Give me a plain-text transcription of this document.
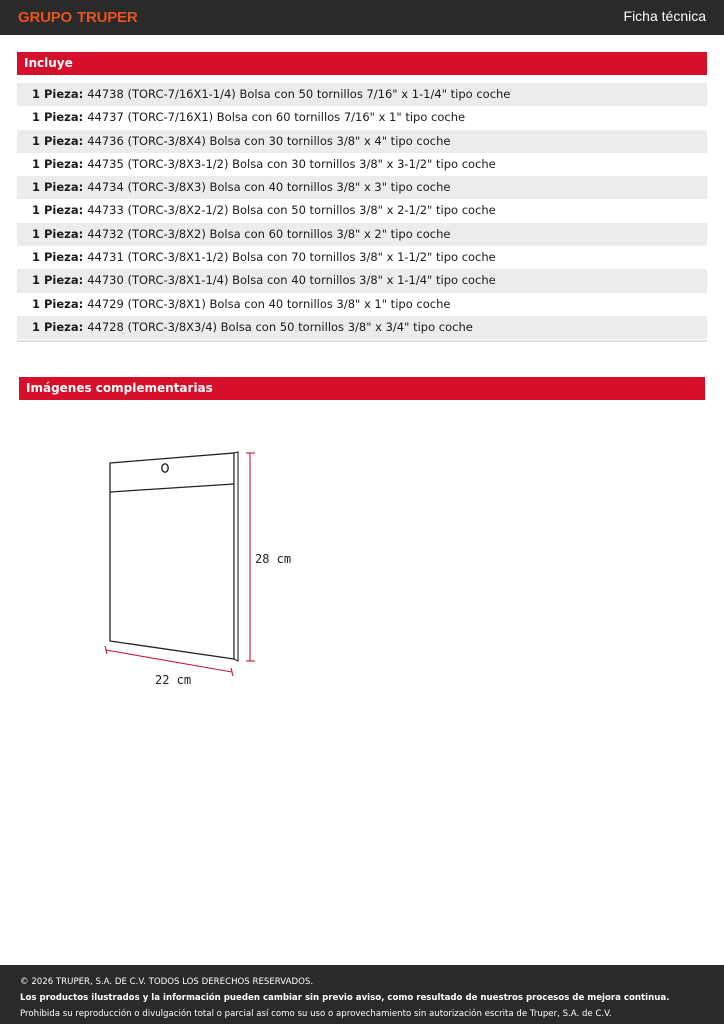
GRUPO TRUPER	Ficha técnica
Incluye
1 Pieza: 44738 (TORC-7/16X1-1/4) Bolsa con 50 tornillos 7/16" x 1-1/4" tipo coche
1 Pieza: 44737 (TORC-7/16X1) Bolsa con 60 tornillos 7/16" x 1" tipo coche
1 Pieza: 44736 (TORC-3/8X4) Bolsa con 30 tornillos 3/8" x 4" tipo coche
1 Pieza: 44735 (TORC-3/8X3-1/2) Bolsa con 30 tornillos 3/8" x 3-1/2" tipo coche
1 Pieza: 44734 (TORC-3/8X3) Bolsa con 40 tornillos 3/8" x 3" tipo coche
1 Pieza: 44733 (TORC-3/8X2-1/2) Bolsa con 50 tornillos 3/8" x 2-1/2" tipo coche
1 Pieza: 44732 (TORC-3/8X2) Bolsa con 60 tornillos 3/8" x 2" tipo coche
1 Pieza: 44731 (TORC-3/8X1-1/2) Bolsa con 70 tornillos 3/8" x 1-1/2" tipo coche
1 Pieza: 44730 (TORC-3/8X1-1/4) Bolsa con 40 tornillos 3/8" x 1-1/4" tipo coche
1 Pieza: 44729 (TORC-3/8X1) Bolsa con 40 tornillos 3/8" x 1" tipo coche
1 Pieza: 44728 (TORC-3/8X3/4) Bolsa con 50 tornillos 3/8" x 3/4" tipo coche
Imágenes complementarias
28 cm
22 cm

© 2026 TRUPER, S.A. DE C.V. TODOS LOS DERECHOS RESERVADOS.

Los productos ilustrados y la información pueden cambiar sin previo aviso, como resultado de nuestros procesos de mejora continua.

Prohibida su reproducción o divulgación total o parcial así como su uso o aprovechamiento sin autorización escrita de Truper, S.A. de C.V.
